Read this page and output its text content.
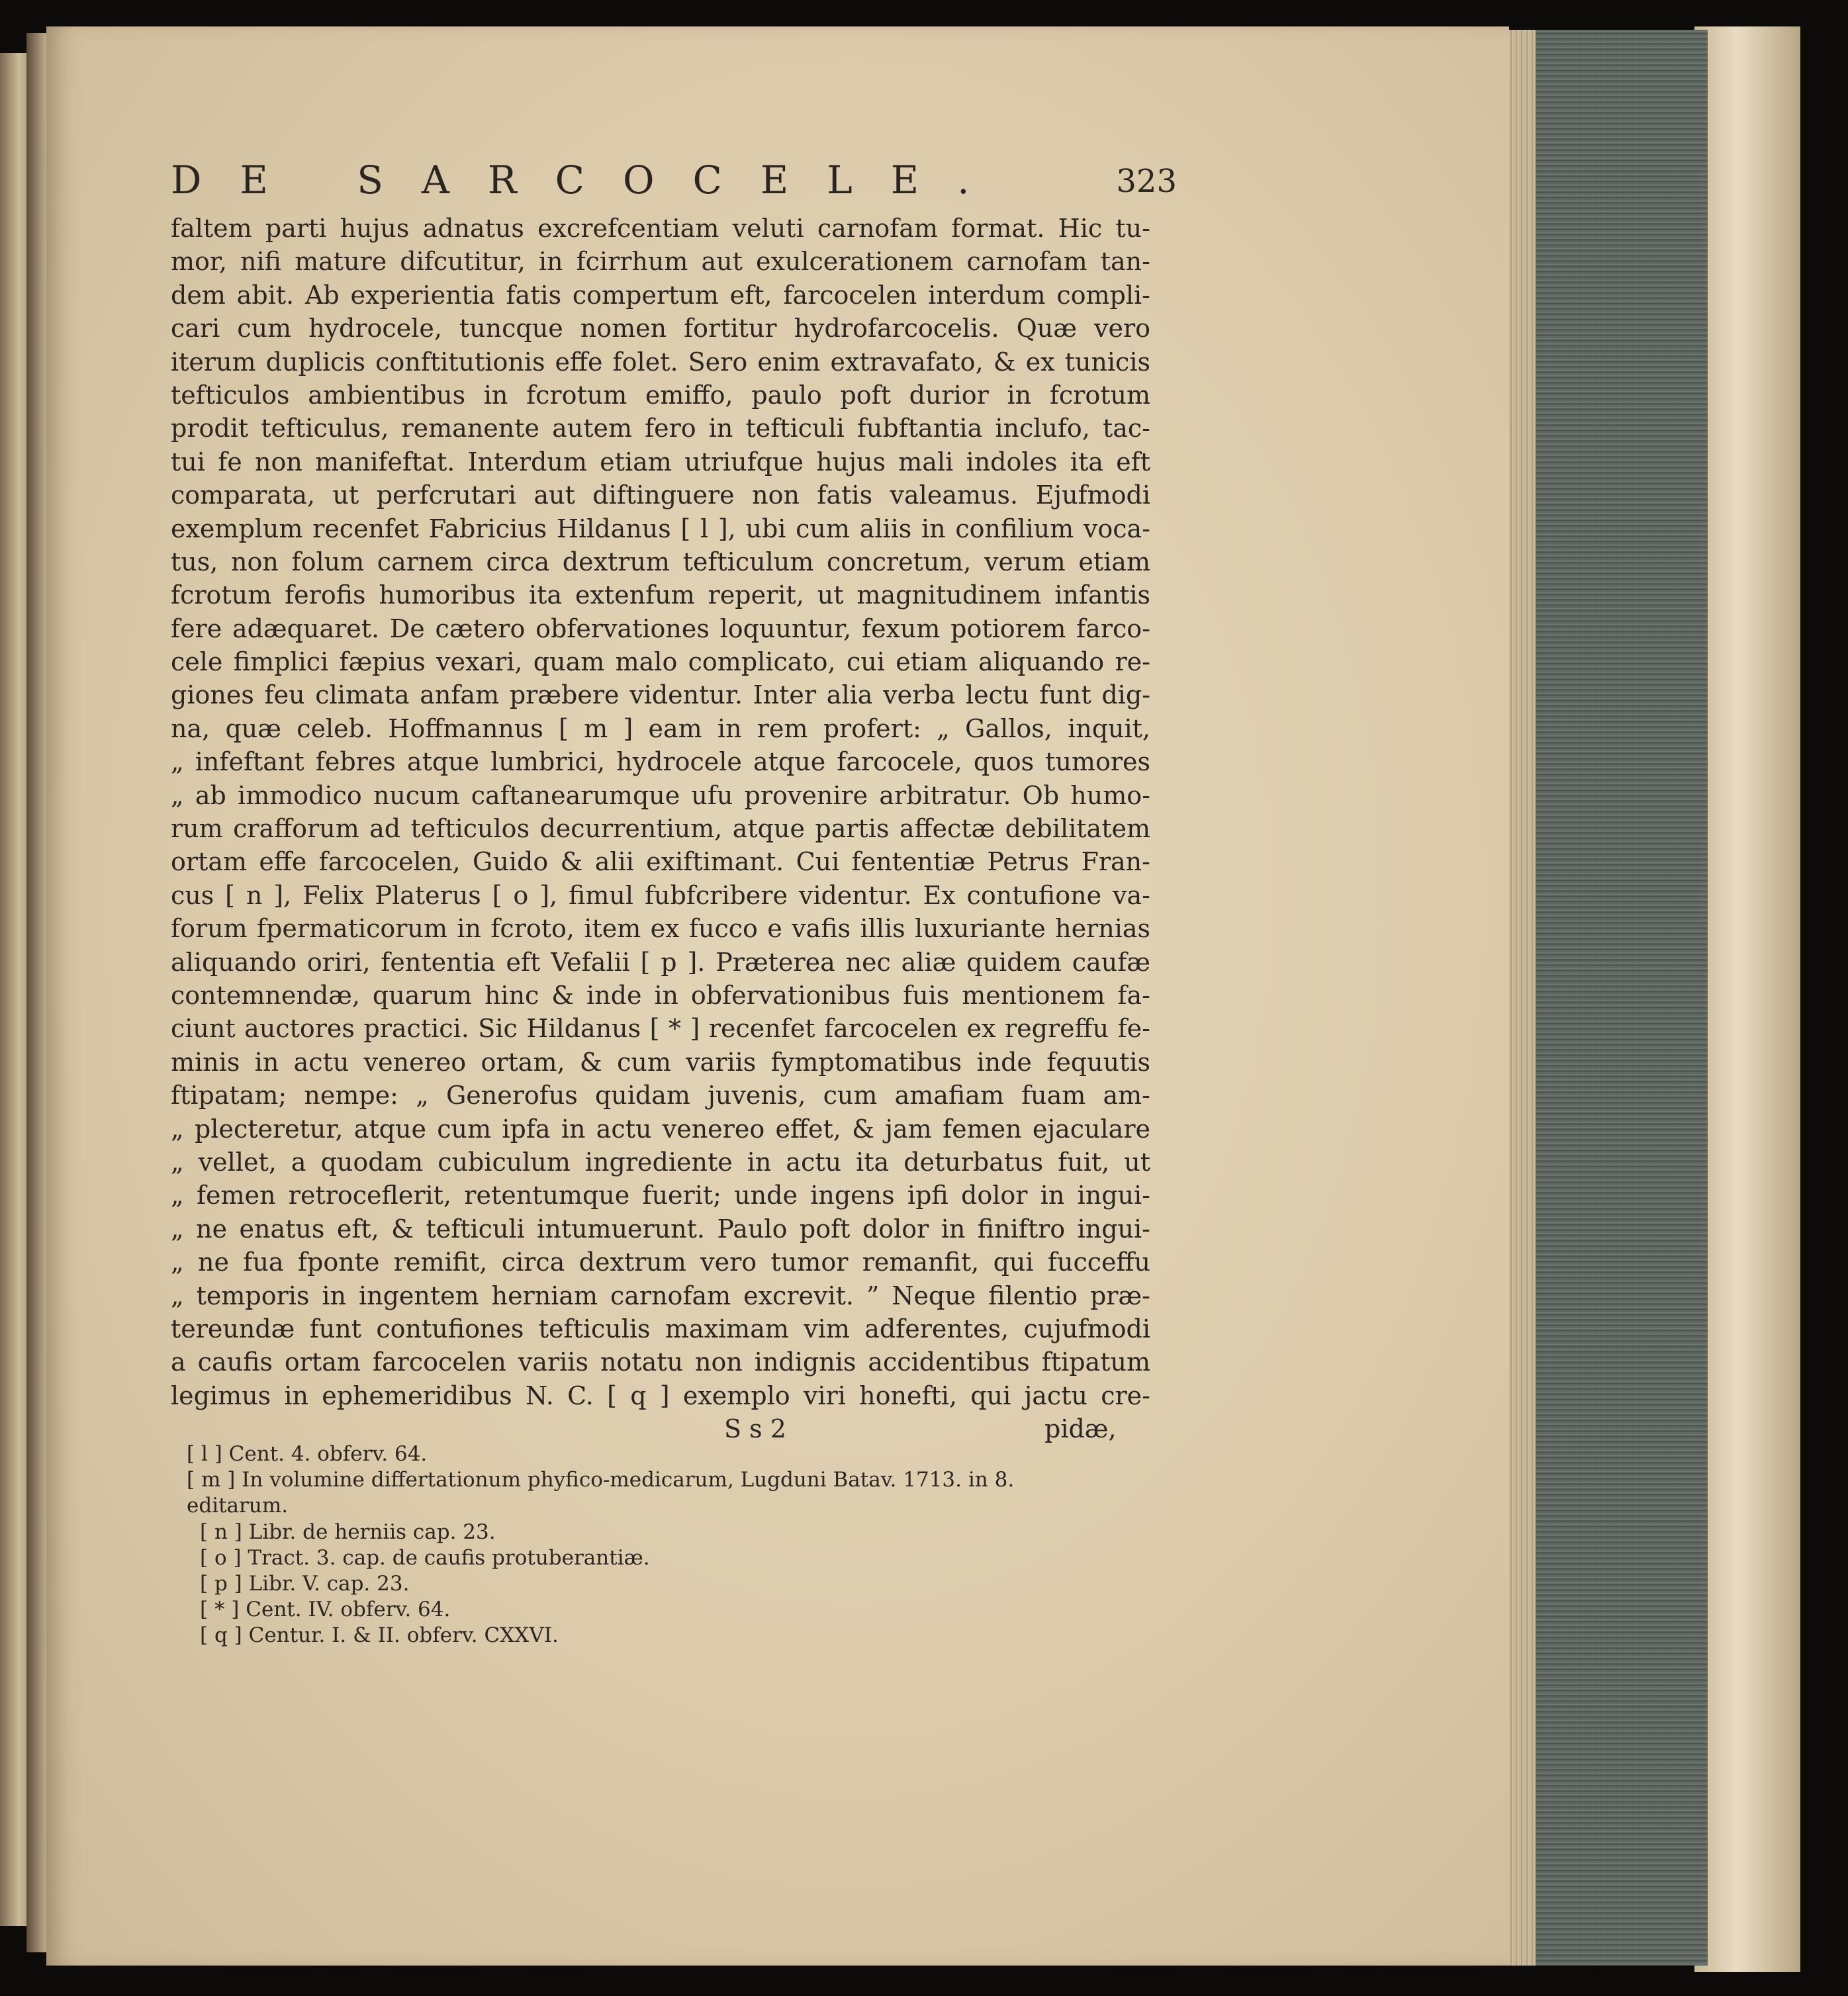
DE SARCOCELE.	323
faltem parti hujus adnatus excrefcentiam veluti carnofam format. Hic tu-
mor, nifi mature difcutitur, in fcirrhum aut exulcerationem carnofam tan-
dem abit. Ab experientia fatis compertum eft, farcocelen interdum compli-
cari cum hydrocele, tuncque nomen fortitur hydrofarcocelis. Quæ vero
iterum duplicis conftitutionis effe folet. Sero enim extravafato, & ex tunicis
tefticulos ambientibus in fcrotum emiffo, paulo poft durior in fcrotum
prodit tefticulus, remanente autem fero in tefticuli fubftantia inclufo, tac-
tui fe non manifeftat. Interdum etiam utriufque hujus mali indoles ita eft
comparata, ut perfcrutari aut diftinguere non fatis valeamus. Ejufmodi
exemplum recenfet Fabricius Hildanus [ l ], ubi cum aliis in confilium voca-
tus, non folum carnem circa dextrum tefticulum concretum, verum etiam
fcrotum ferofis humoribus ita extenfum reperit, ut magnitudinem infantis
fere adæquaret. De cætero obfervationes loquuntur, fexum potiorem farco-
cele fimplici fæpius vexari, quam malo complicato, cui etiam aliquando re-
giones feu climata anfam præbere videntur. Inter alia verba lectu funt dig-
na, quæ celeb. Hoffmannus [ m ] eam in rem profert: „ Gallos, inquit,
„ infeftant febres atque lumbrici, hydrocele atque farcocele, quos tumores
„ ab immodico nucum caftanearumque ufu provenire arbitratur. Ob humo-
rum crafforum ad tefticulos decurrentium, atque partis affectæ debilitatem
ortam effe farcocelen, Guido & alii exiftimant. Cui fententiæ Petrus Fran-
cus [ n ], Felix Platerus [ o ], fimul fubfcribere videntur. Ex contufione va-
forum fpermaticorum in fcroto, item ex fucco e vafis illis luxuriante hernias
aliquando oriri, fententia eft Vefalii [ p ]. Præterea nec aliæ quidem caufæ
contemnendæ, quarum hinc & inde in obfervationibus fuis mentionem fa-
ciunt auctores practici. Sic Hildanus [ * ] recenfet farcocelen ex regreffu fe-
minis in actu venereo ortam, & cum variis fymptomatibus inde fequutis
ftipatam; nempe: „ Generofus quidam juvenis, cum amafiam fuam am-
„ plecteretur, atque cum ipfa in actu venereo effet, & jam femen ejaculare
„ vellet, a quodam cubiculum ingrediente in actu ita deturbatus fuit, ut
„ femen retroceflerit, retentumque fuerit; unde ingens ipfi dolor in ingui-
„ ne enatus eft, & tefticuli intumuerunt. Paulo poft dolor in finiftro ingui-
„ ne fua fponte remifit, circa dextrum vero tumor remanfit, qui fucceffu
„ temporis in ingentem herniam carnofam excrevit. ” Neque filentio præ-
tereundæ funt contufiones tefticulis maximam vim adferentes, cujufmodi
a caufis ortam farcocelen variis notatu non indignis accidentibus ftipatum
legimus in ephemeridibus N. C. [ q ] exemplo viri honefti, qui jactu cre-
S s 2	pidæ,
[ l ] Cent. 4. obferv. 64.
[ m ] In volumine differtationum phyfico-medicarum, Lugduni Batav. 1713. in 8.
editarum.
[ n ] Libr. de herniis cap. 23.
[ o ] Tract. 3. cap. de caufis protuberantiæ.
[ p ] Libr. V. cap. 23.
[ * ] Cent. IV. obferv. 64.
[ q ] Centur. I. & II. obferv. CXXVI.
